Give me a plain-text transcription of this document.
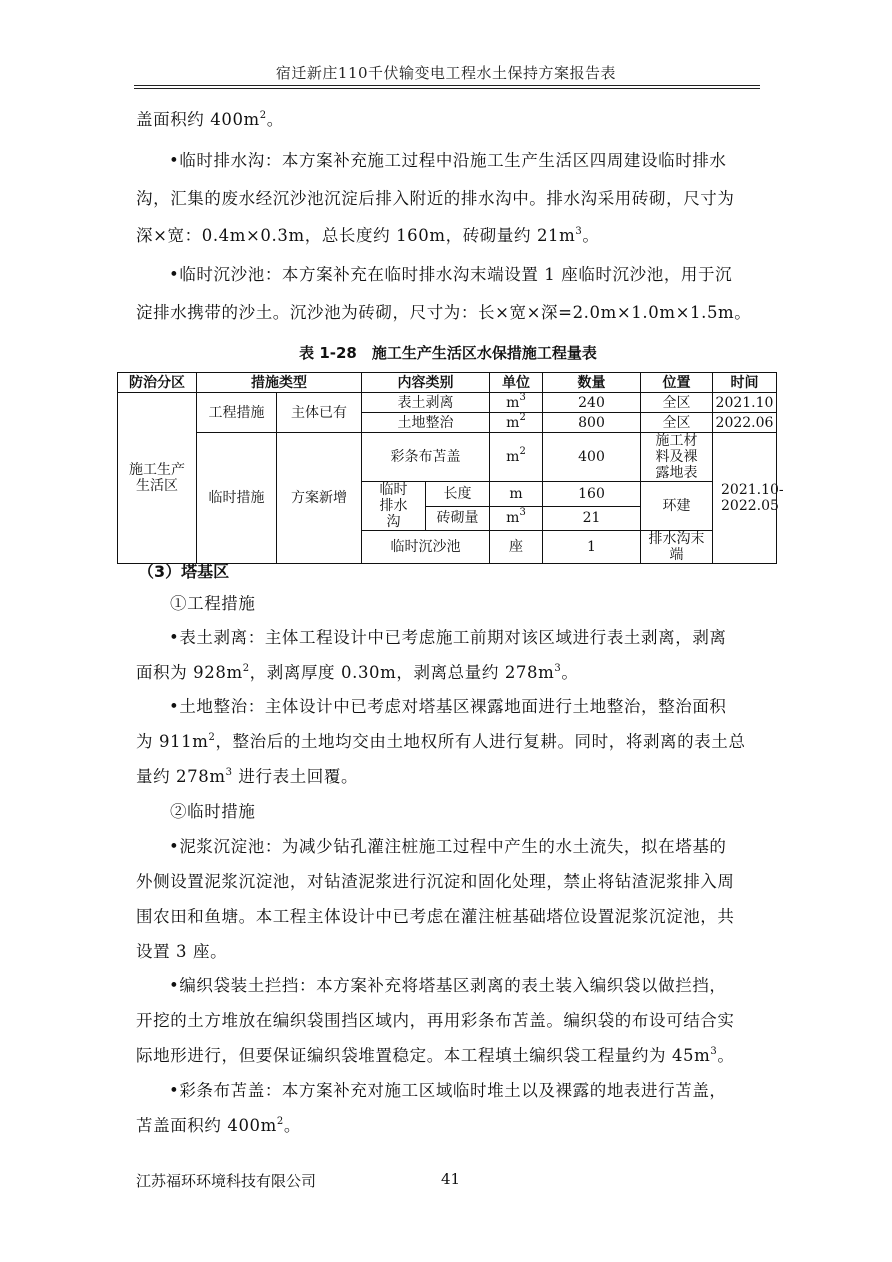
宿迁新庄110千伏输变电工程水土保持方案报告表
盖面积约 $400m^2$。
•临时排水沟：本方案补充施工过程中沿施工生产生活区四周建设临时排水
沟，汇集的废水经沉沙池沉淀后排入附近的排水沟中。排水沟采用砖砌，尺寸为
深×宽：0.4m×0.3m，总长度约 160m，砖砌量约 $21m^3$。
•临时沉沙池：本方案补充在临时排水沟末端设置 1 座临时沉沙池，用于沉
淀排水携带的沙土。沉沙池为砖砌，尺寸为：长×宽×深=2.0m×1.0m×1.5m。
表 1-28　施工生产生活区水保措施工程量表
防治分区	措施类型		内容类别		单位	数量	位置	时间
施工生产生活区	工程措施	主体已有	表土剥离		$m^3$	240	全区	2021.10
			土地整治		$m^2$	800	全区	2022.06
	临时措施	方案新增	彩条布苫盖		$m^2$	400	施工材料及裸露地表	2021.10-2022.05
			临时排水沟	长度	m	160	环建	
				砖砌量	$m^3$	21		
			临时沉沙池		座	1	排水沟末端	
（3）塔基区
①工程措施
•表土剥离：主体工程设计中已考虑施工前期对该区域进行表土剥离，剥离
面积为 $928m^2$，剥离厚度 0.30m，剥离总量约 $278m^3$。
•土地整治：主体设计中已考虑对塔基区裸露地面进行土地整治，整治面积
为 $911m^2$，整治后的土地均交由土地权所有人进行复耕。同时，将剥离的表土总
量约 $278m^3$ 进行表土回覆。
②临时措施
•泥浆沉淀池：为减少钻孔灌注桩施工过程中产生的水土流失，拟在塔基的
外侧设置泥浆沉淀池，对钻渣泥浆进行沉淀和固化处理，禁止将钻渣泥浆排入周
围农田和鱼塘。本工程主体设计中已考虑在灌注桩基础塔位设置泥浆沉淀池，共
设置 3 座。
•编织袋装土拦挡：本方案补充将塔基区剥离的表土装入编织袋以做拦挡，
开挖的土方堆放在编织袋围挡区域内，再用彩条布苫盖。编织袋的布设可结合实
际地形进行，但要保证编织袋堆置稳定。本工程填土编织袋工程量约为 $45m^3$。
•彩条布苫盖：本方案补充对施工区域临时堆土以及裸露的地表进行苫盖，
苫盖面积约 $400m^2$。
江苏福环环境科技有限公司	41
